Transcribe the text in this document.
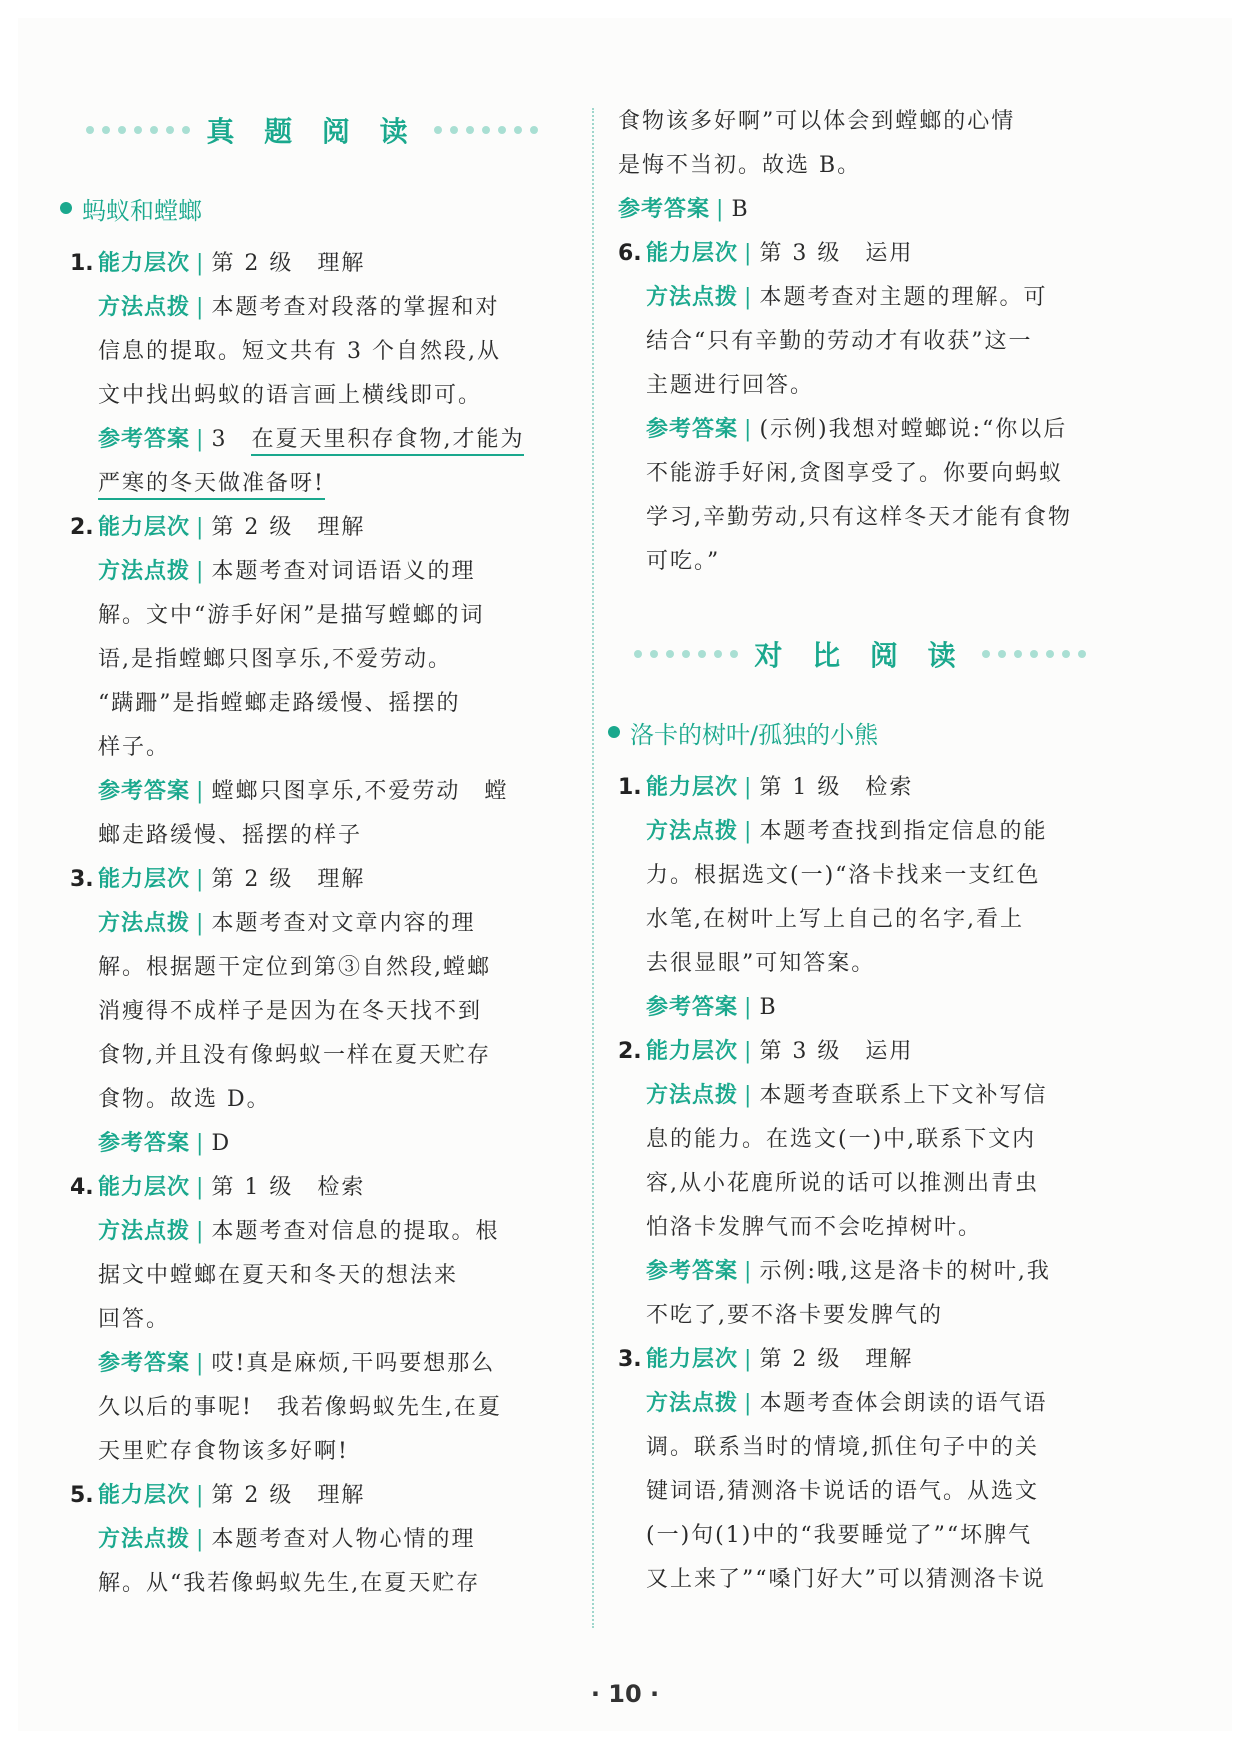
真 题 阅 读
蚂蚁和螳螂
1. 能力层次 | 第 2 级　理解
方法点拨 | 本题考查对段落的掌握和对
信息的提取。短文共有 3 个自然段,从
文中找出蚂蚁的语言画上横线即可。
参考答案 | 3　 在夏天里积存食物,才能为
严寒的冬天做准备呀!
2. 能力层次 | 第 2 级　理解
方法点拨 | 本题考查对词语语义的理
解。文中“游手好闲”是描写螳螂的词
语,是指螳螂只图享乐,不爱劳动。
“蹒跚”是指螳螂走路缓慢、摇摆的
样子。
参考答案 | 螳螂只图享乐,不爱劳动　螳
螂走路缓慢、摇摆的样子
3. 能力层次 | 第 2 级　理解
方法点拨 | 本题考查对文章内容的理
解。根据题干定位到第③自然段,螳螂
消瘦得不成样子是因为在冬天找不到
食物,并且没有像蚂蚁一样在夏天贮存
食物。故选 D。
参考答案 | D
4. 能力层次 | 第 1 级　检索
方法点拨 | 本题考查对信息的提取。根
据文中螳螂在夏天和冬天的想法来
回答。
参考答案 | 哎!真是麻烦,干吗要想那么
久以后的事呢!　我若像蚂蚁先生,在夏
天里贮存食物该多好啊!
5. 能力层次 | 第 2 级　理解
方法点拨 | 本题考查对人物心情的理
解。从“我若像蚂蚁先生,在夏天贮存
食物该多好啊”可以体会到螳螂的心情
是悔不当初。故选 B。
参考答案 | B
6. 能力层次 | 第 3 级　运用
方法点拨 | 本题考查对主题的理解。可
结合“只有辛勤的劳动才有收获”这一
主题进行回答。
参考答案 | (示例)我想对螳螂说:“你以后
不能游手好闲,贪图享受了。你要向蚂蚁
学习,辛勤劳动,只有这样冬天才能有食物
可吃。”
对 比 阅 读
洛卡的树叶/孤独的小熊
1. 能力层次 | 第 1 级　检索
方法点拨 | 本题考查找到指定信息的能
力。根据选文(一)“洛卡找来一支红色
水笔,在树叶上写上自己的名字,看上
去很显眼”可知答案。
参考答案 | B
2. 能力层次 | 第 3 级　运用
方法点拨 | 本题考查联系上下文补写信
息的能力。在选文(一)中,联系下文内
容,从小花鹿所说的话可以推测出青虫
怕洛卡发脾气而不会吃掉树叶。
参考答案 | 示例:哦,这是洛卡的树叶,我
不吃了,要不洛卡要发脾气的
3. 能力层次 | 第 2 级　理解
方法点拨 | 本题考查体会朗读的语气语
调。联系当时的情境,抓住句子中的关
键词语,猜测洛卡说话的语气。从选文
(一)句(1)中的“我要睡觉了”“坏脾气
又上来了”“嗓门好大”可以猜测洛卡说
· 10 ·
